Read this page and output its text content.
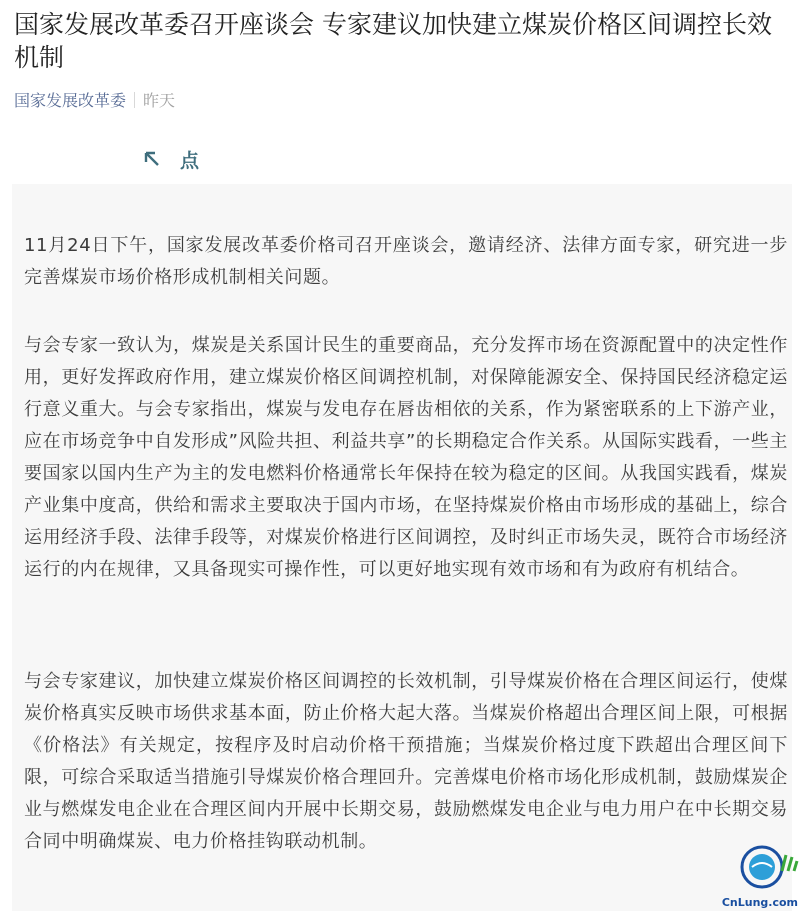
国家发展改革委召开座谈会 专家建议加快建立煤炭价格区间调控长效机制
国家发展改革委 昨天
点

11月24日下午，国家发展改革委价格司召开座谈会，邀请经济、法律方面专家，研究进一步完善煤炭市场价格形成机制相关问题。

与会专家一致认为，煤炭是关系国计民生的重要商品，充分发挥市场在资源配置中的决定性作用，更好发挥政府作用，建立煤炭价格区间调控机制，对保障能源安全、保持国民经济稳定运行意义重大。与会专家指出，煤炭与发电存在唇齿相依的关系，作为紧密联系的上下游产业，应在市场竞争中自发形成”风险共担、利益共享”的长期稳定合作关系。从国际实践看，一些主要国家以国内生产为主的发电燃料价格通常长年保持在较为稳定的区间。从我国实践看，煤炭产业集中度高，供给和需求主要取决于国内市场，在坚持煤炭价格由市场形成的基础上，综合运用经济手段、法律手段等，对煤炭价格进行区间调控，及时纠正市场失灵，既符合市场经济运行的内在规律，又具备现实可操作性，可以更好地实现有效市场和有为政府有机结合。

与会专家建议，加快建立煤炭价格区间调控的长效机制，引导煤炭价格在合理区间运行，使煤炭价格真实反映市场供求基本面，防止价格大起大落。当煤炭价格超出合理区间上限，可根据《价格法》有关规定，按程序及时启动价格干预措施；当煤炭价格过度下跌超出合理区间下限，可综合采取适当措施引导煤炭价格合理回升。完善煤电价格市场化形成机制，鼓励煤炭企业与燃煤发电企业在合理区间内开展中长期交易，鼓励燃煤发电企业与电力用户在中长期交易合同中明确煤炭、电力价格挂钩联动机制。

CnLung.com
